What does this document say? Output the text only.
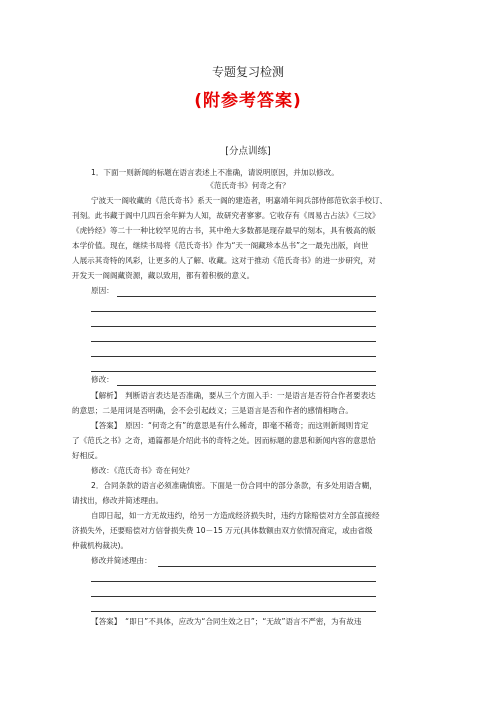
专题复习检测
(附参考答案)
[分点训练]
1．下面一则新闻的标题在语言表述上不准确，请说明原因，并加以修改。
《范氏奇书》何奇之有？
宁波天一阁收藏的《范氏奇书》系天一阁的建造者，明嘉靖年间兵部侍郎范钦亲手校订、
刊刻。此书藏于阁中几四百余年鲜为人知，故研究者寥寥。它收存有《周易古占法》《三坟》
《虎钤经》等二十一种比较罕见的古书，其中绝大多数都是现存最早的刻本，具有极高的版
本学价值。现在，继续书局将《范氏奇书》作为“天一阁藏珍本丛书”之一最先出版，向世
人展示其奇特的风彩，让更多的人了解、收藏。这对于推动《范氏奇书》的进一步研究，对
开发天一阁阁藏资源，藏以致用，都有着积极的意义。
原因：
修改：
【解析】　判断语言表达是否准确，要从三个方面入手：一是语言是否符合作者要表达
的意思；二是用词是否明确，会不会引起歧义；三是语言是否和作者的感情相吻合。
【答案】　原因：“何奇之有”的意思是有什么稀奇，即毫不稀奇；而这则新闻则肯定
了《范氏之书》之奇，通篇都是介绍此书的奇特之处。因而标题的意思和新闻内容的意思恰
好相反。
修改：《范氏奇书》奇在何处？
2．合同条款的语言必须准确慎密。下面是一份合同中的部分条款，有多处用语含糊，
请找出，修改并简述理由。
自即日起，如一方无故违约，给另一方造成经济损失时，违约方除赔偿对方全部直接经
济损失外，还要赔偿对方信誉损失费 10－15 万元(具体数额由双方依情况商定，或由省级
仲裁机构裁决)。
修改并简述理由：
【答案】　“即日”不具体，应改为“合同生效之日”；“无故”语言不严密，为有故违
